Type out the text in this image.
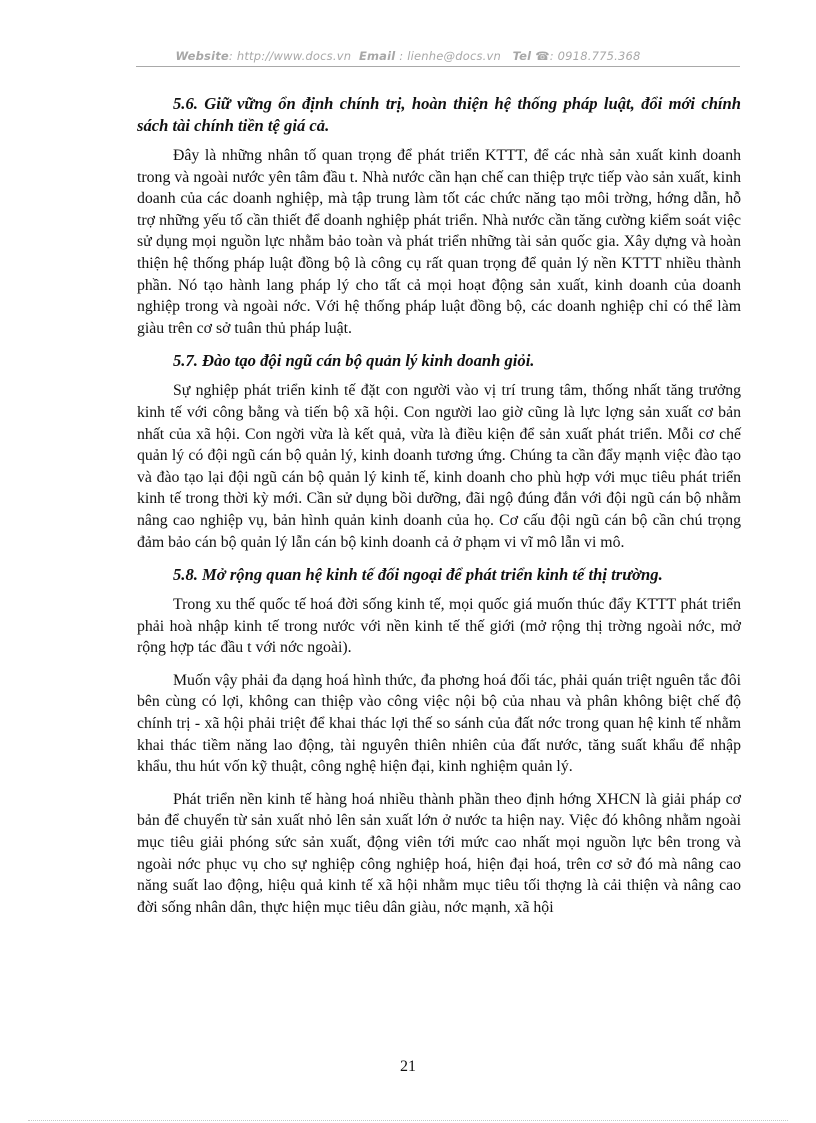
Website: http://www.docs.vn Email : lienhe@docs.vn Tel ☎: 0918.775.368
5.6. Giữ vững ổn định chính trị, hoàn thiện hệ thống pháp luật, đổi mới chính sách tài chính tiền tệ giá cả.

Đây là những nhân tố quan trọng để phát triển KTTT, để các nhà sản xuất kinh doanh trong và ngoài nước yên tâm đầu t. Nhà nước cần hạn chế can thiệp trực tiếp vào sản xuất, kinh doanh của các doanh nghiệp, mà tập trung làm tốt các chức năng tạo môi trờng, hớng dẫn, hỗ trợ những yếu tố cần thiết để doanh nghiệp phát triển. Nhà nước cần tăng cường kiểm soát việc sử dụng mọi nguồn lực nhằm bảo toàn và phát triển những tài sản quốc gia. Xây dựng và hoàn thiện hệ thống pháp luật đồng bộ là công cụ rất quan trọng để quản lý nền KTTT nhiều thành phần. Nó tạo hành lang pháp lý cho tất cả mọi hoạt động sản xuất, kinh doanh của doanh nghiệp trong và ngoài nớc. Với hệ thống pháp luật đồng bộ, các doanh nghiệp chỉ có thể làm giàu trên cơ sở tuân thủ pháp luật.

5.7. Đào tạo đội ngũ cán bộ quản lý kinh doanh giỏi.

Sự nghiệp phát triển kinh tế đặt con người vào vị trí trung tâm, thống nhất tăng trưởng kinh tế với công bằng và tiến bộ xã hội. Con người lao giờ cũng là lực lợng sản xuất cơ bản nhất của xã hội. Con ngời vừa là kết quả, vừa là điều kiện để sản xuất phát triển. Mỗi cơ chế quản lý có đội ngũ cán bộ quản lý, kinh doanh tương ứng. Chúng ta cần đẩy mạnh việc đào tạo và đào tạo lại đội ngũ cán bộ quản lý kinh tế, kinh doanh cho phù hợp với mục tiêu phát triển kinh tế trong thời kỳ mới. Cần sử dụng bồi dưỡng, đãi ngộ đúng đắn với đội ngũ cán bộ nhằm nâng cao nghiệp vụ, bản hình quản kinh doanh của họ. Cơ cấu đội ngũ cán bộ cần chú trọng đảm bảo cán bộ quản lý lẫn cán bộ kinh doanh cả ở phạm vi vĩ mô lẫn vi mô.

5.8. Mở rộng quan hệ kinh tế đối ngoại để phát triển kinh tế thị trường.

Trong xu thế quốc tế hoá đời sống kinh tế, mọi quốc giá muốn thúc đẩy KTTT phát triển phải hoà nhập kinh tế trong nước với nền kinh tế thế giới (mở rộng thị trờng ngoài nớc, mở rộng hợp tác đầu t với nớc ngoài).

Muốn vậy phải đa dạng hoá hình thức, đa phơng hoá đối tác, phải quán triệt nguên tắc đôi bên cùng có lợi, không can thiệp vào công việc nội bộ của nhau và phân không biệt chế độ chính trị - xã hội phải triệt để khai thác lợi thế so sánh của đất nớc trong quan hệ kinh tế nhằm khai thác tiềm năng lao động, tài nguyên thiên nhiên của đất nước, tăng suất khẩu để nhập khẩu, thu hút vốn kỹ thuật, công nghệ hiện đại, kinh nghiệm quản lý.

Phát triển nền kinh tế hàng hoá nhiều thành phần theo định hớng XHCN là giải pháp cơ bản để chuyển từ sản xuất nhỏ lên sản xuất lớn ở nước ta hiện nay. Việc đó không nhằm ngoài mục tiêu giải phóng sức sản xuất, động viên tới mức cao nhất mọi nguồn lực bên trong và ngoài nớc phục vụ cho sự nghiệp công nghiệp hoá, hiện đại hoá, trên cơ sở đó mà nâng cao năng suất lao động, hiệu quả kinh tế xã hội nhằm mục tiêu tối thợng là cải thiện và nâng cao đời sống nhân dân, thực hiện mục tiêu dân giàu, nớc mạnh, xã hội

21
